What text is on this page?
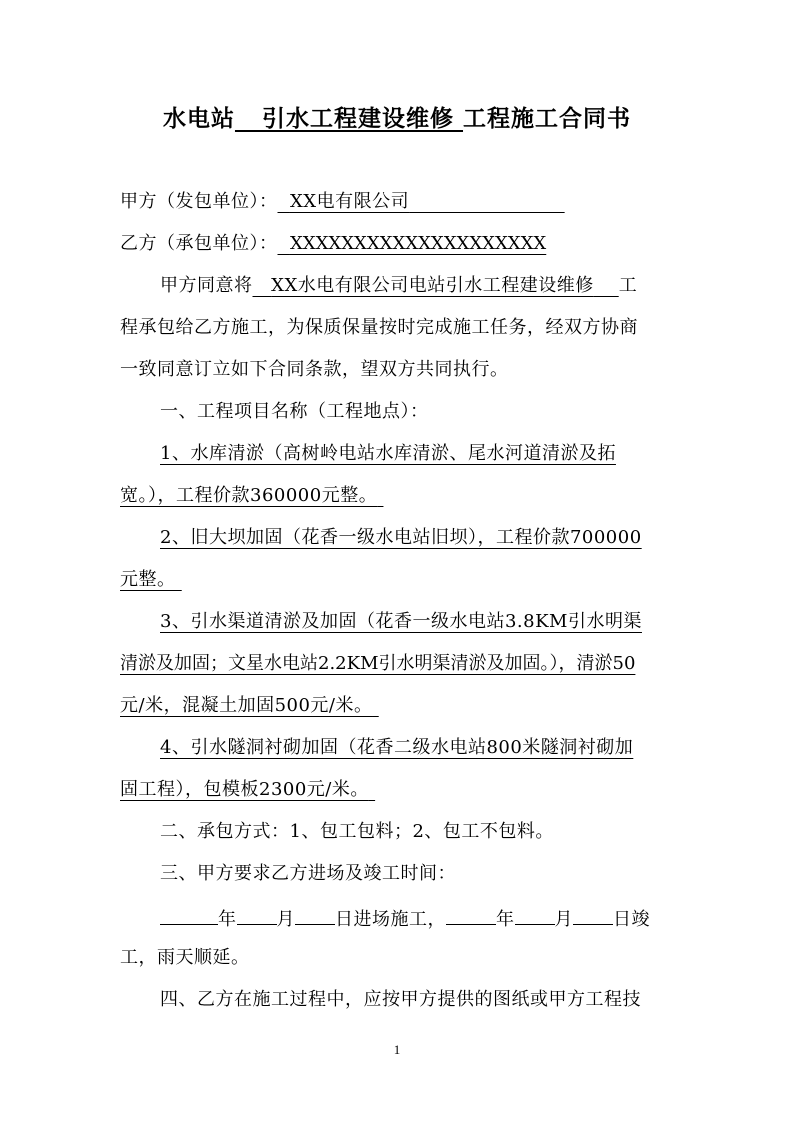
水电站 引水工程建设维修 工程施工合同书
甲方（发包单位）： XX电有限公司
乙方（承包单位）： XXXXXXXXXXXXXXXXXXXX
甲方同意将 XX水电有限公司电站引水工程建设维修 工
程承包给乙方施工，为保质保量按时完成施工任务，经双方协商
一致同意订立如下合同条款，望双方共同执行。
一、工程项目名称（工程地点）：
1、水库清淤（高树岭电站水库清淤、尾水河道清淤及拓
宽。），工程价款360000元整。
2、旧大坝加固（花香一级水电站旧坝），工程价款700000
元整。
3、引水渠道清淤及加固（花香一级水电站3.8KM引水明渠
清淤及加固；文星水电站2.2KM引水明渠清淤及加固。），清淤50
元/米，混凝土加固500元/米。
4、引水隧洞衬砌加固（花香二级水电站800米隧洞衬砌加
固工程），包模板2300元/米。
二、承包方式：1、包工包料；2、包工不包料。
三、甲方要求乙方进场及竣工时间：
年 月 日进场施工，	年 月 日竣
工，雨天顺延。
四、乙方在施工过程中，应按甲方提供的图纸或甲方工程技
1
